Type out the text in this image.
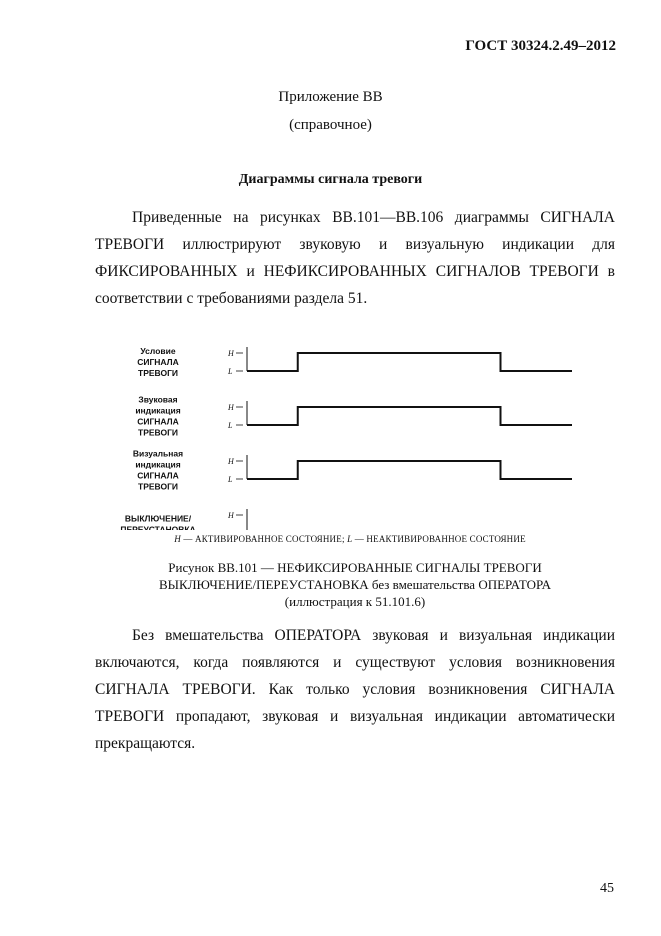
ГОСТ 30324.2.49–2012
Приложение ВВ
(справочное)
Диаграммы сигнала тревоги
Приведенные на рисунках ВВ.101—ВВ.106 диаграммы СИГНАЛА
ТРЕВОГИ иллюстрируют звуковую и визуальную индикации для
ФИКСИРОВАННЫХ и НЕФИКСИРОВАННЫХ СИГНАЛОВ ТРЕВОГИ в
соответствии с требованиями раздела 51.
Условие
СИГНАЛА
ТРЕВОГИ
H
L
Звуковая
индикация
СИГНАЛА
ТРЕВОГИ
H
L
Визуальная
индикация
СИГНАЛА
ТРЕВОГИ
H
L
ВЫКЛЮЧЕНИЕ/
ПЕРЕУСТАНОВКА
H
H — АКТИВИРОВАННОЕ СОСТОЯНИЕ; L — НЕАКТИВИРОВАННОЕ СОСТОЯНИЕ
Рисунок ВВ.101 — НЕФИКСИРОВАННЫЕ СИГНАЛЫ ТРЕВОГИ
ВЫКЛЮЧЕНИЕ/ПЕРЕУСТАНОВКА без вмешательства ОПЕРАТОРА
(иллюстрация к 51.101.6)
Без вмешательства ОПЕРАТОРА звуковая и визуальная индикации
включаются, когда появляются и существуют условия возникновения
СИГНАЛА ТРЕВОГИ. Как только условия возникновения СИГНАЛА
ТРЕВОГИ пропадают, звуковая и визуальная индикации автоматически
прекращаются.
45
